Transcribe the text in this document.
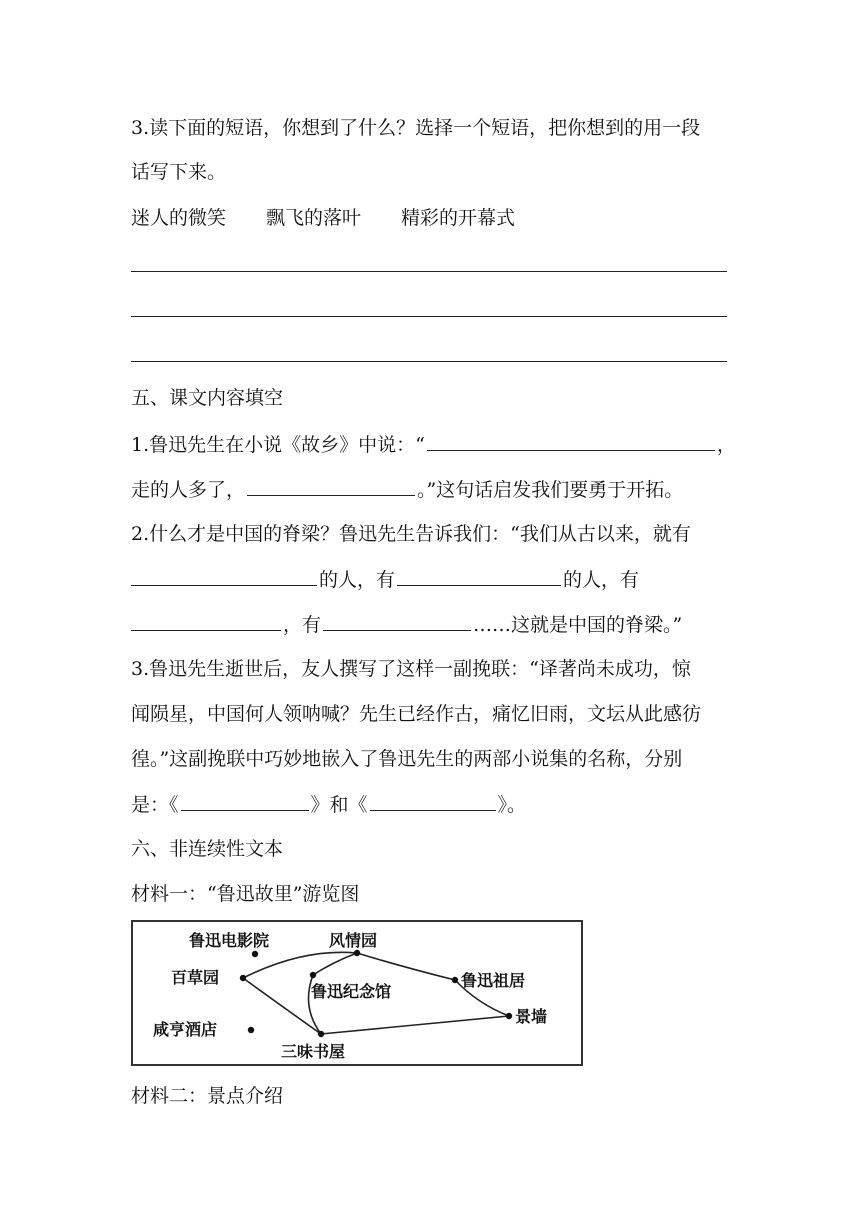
3.读下面的短语，你想到了什么？选择一个短语，把你想到的用一段
话写下来。
迷人的微笑 飘飞的落叶 精彩的开幕式
五、课文内容填空
1.鲁迅先生在小说《故乡》中说：“	，
走的人多了，	。”这句话启发我们要勇于开拓。
2.什么才是中国的脊梁？鲁迅先生告诉我们：“我们从古以来，就有
的人，有	的人，有
，有	……这就是中国的脊梁。”
3.鲁迅先生逝世后，友人撰写了这样一副挽联：“译著尚未成功，惊
闻陨星，中国何人领呐喊？先生已经作古，痛忆旧雨，文坛从此感彷
徨。”这副挽联中巧妙地嵌入了鲁迅先生的两部小说集的名称，分别
是：《	》和《	》。
六、非连续性文本
材料一：“鲁迅故里”游览图
鲁迅电影院	风情园
百草园
鲁迅纪念馆
鲁迅祖居
景墙
咸亨酒店
三味书屋
材料二：景点介绍
